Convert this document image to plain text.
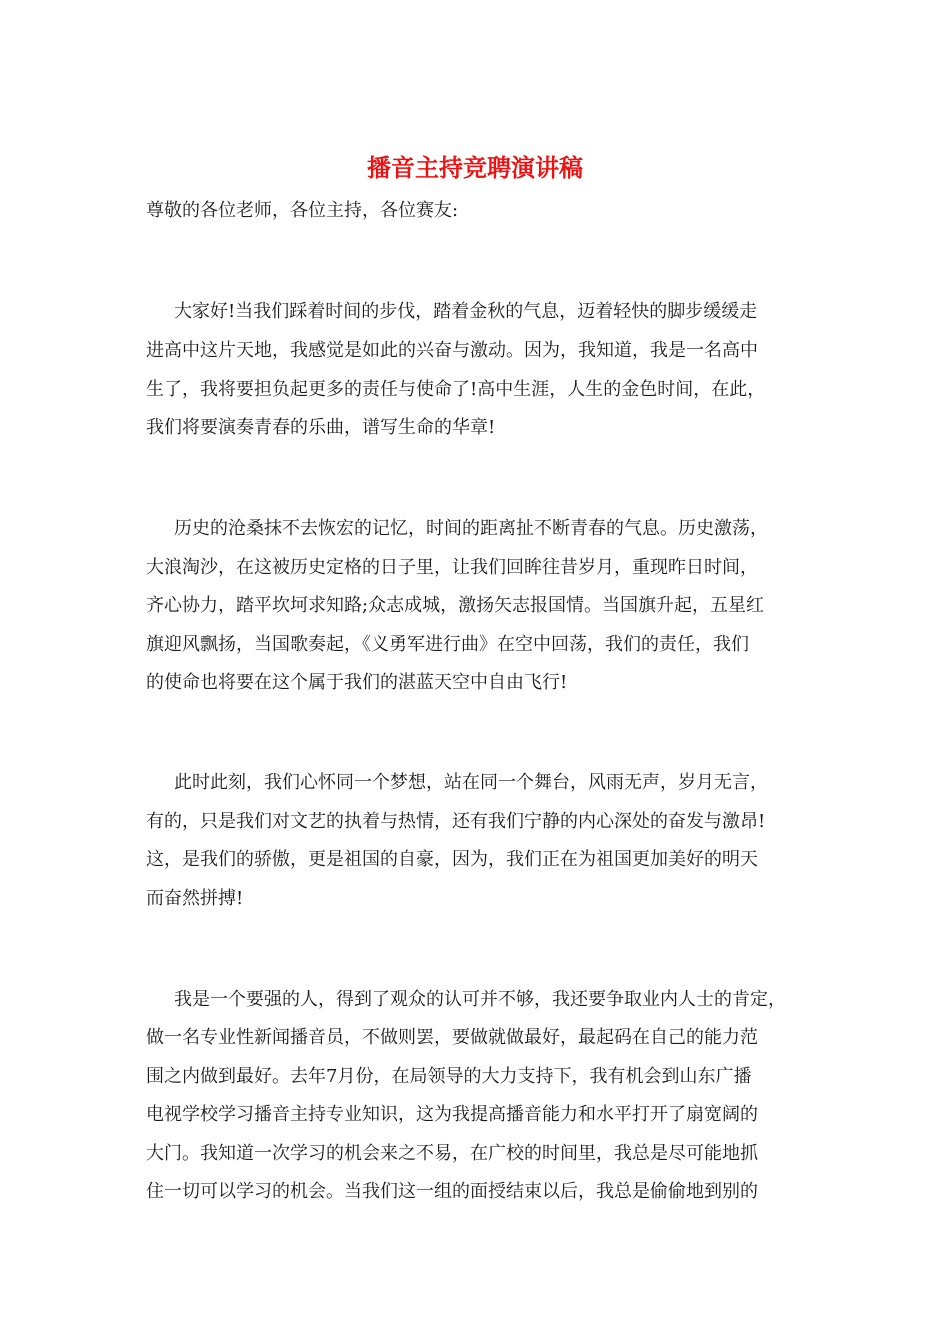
播音主持竞聘演讲稿
尊敬的各位老师，各位主持，各位赛友:
大家好!当我们踩着时间的步伐，踏着金秋的气息，迈着轻快的脚步缓缓走
进高中这片天地，我感觉是如此的兴奋与激动。因为，我知道，我是一名高中
生了，我将要担负起更多的责任与使命了!高中生涯，人生的金色时间，在此，
我们将要演奏青春的乐曲，谱写生命的华章!
历史的沧桑抹不去恢宏的记忆，时间的距离扯不断青春的气息。历史激荡，
大浪淘沙，在这被历史定格的日子里，让我们回眸往昔岁月，重现昨日时间，
齐心协力，踏平坎坷求知路;众志成城，激扬矢志报国情。当国旗升起，五星红
旗迎风飘扬，当国歌奏起，《义勇军进行曲》在空中回荡，我们的责任，我们
的使命也将要在这个属于我们的湛蓝天空中自由飞行!
此时此刻，我们心怀同一个梦想，站在同一个舞台，风雨无声，岁月无言，
有的，只是我们对文艺的执着与热情，还有我们宁静的内心深处的奋发与激昂!
这，是我们的骄傲，更是祖国的自豪，因为，我们正在为祖国更加美好的明天
而奋然拼搏!
我是一个要强的人，得到了观众的认可并不够，我还要争取业内人士的肯定，
做一名专业性新闻播音员，不做则罢，要做就做最好，最起码在自己的能力范
围之内做到最好。去年7月份，在局领导的大力支持下，我有机会到山东广播
电视学校学习播音主持专业知识，这为我提高播音能力和水平打开了扇宽阔的
大门。我知道一次学习的机会来之不易，在广校的时间里，我总是尽可能地抓
住一切可以学习的机会。当我们这一组的面授结束以后，我总是偷偷地到别的
